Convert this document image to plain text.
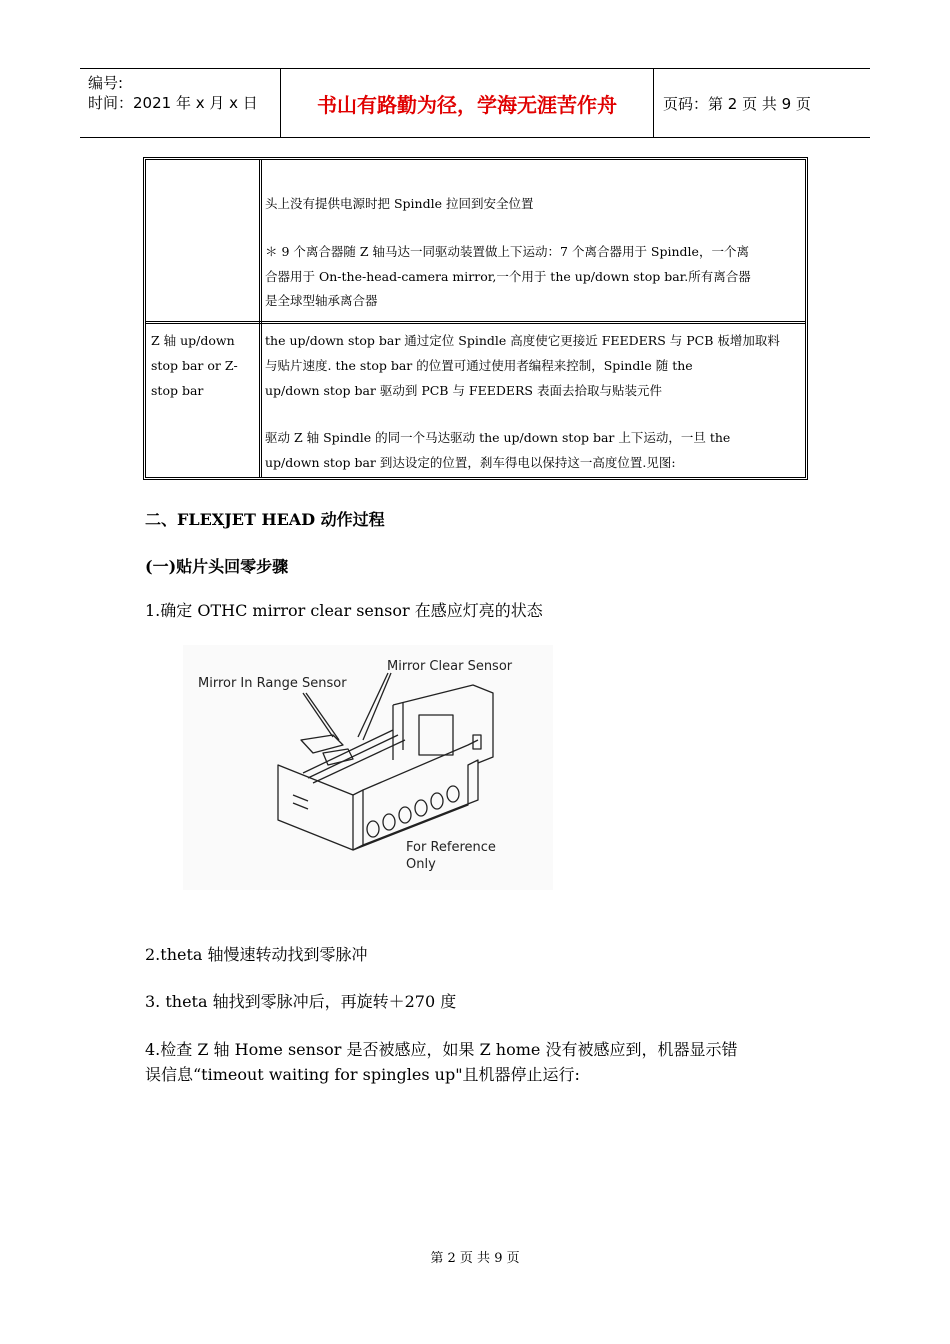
编号:
时间：2021 年 x 月 x 日	书山有路勤为径，学海无涯苦作舟	页码：第 2 页 共 9 页
头上没有提供电源时把 Spindle 拉回到安全位置
＊ 9 个离合器随 Z 轴马达一同驱动装置做上下运动：7 个离合器用于 Spindle，一个离
合器用于 On-the-head-camera mirror,一个用于 the up/down stop bar.所有离合器
是全球型轴承离合器
Z 轴 up/down
stop bar or Z-
stop bar
the up/down stop bar 通过定位 Spindle 高度使它更接近 FEEDERS 与 PCB 板增加取料
与贴片速度. the stop bar 的位置可通过使用者编程来控制，Spindle 随 the
up/down stop bar 驱动到 PCB 与 FEEDERS 表面去拾取与贴装元件
驱动 Z 轴 Spindle 的同一个马达驱动 the up/down stop bar 上下运动，一旦 the
up/down stop bar 到达设定的位置，刹车得电以保持这一高度位置.见图:
二、FLEXJET HEAD 动作过程
(一)贴片头回零步骤
1.确定 OTHC mirror clear sensor 在感应灯亮的状态
Mirror In Range Sensor
Mirror Clear Sensor
For Reference
Only
2.theta 轴慢速转动找到零脉冲
3. theta 轴找到零脉冲后，再旋转＋270 度
4.检查 Z 轴 Home sensor 是否被感应，如果 Z home 没有被感应到，机器显示错
误信息“timeout waiting for spingles up"且机器停止运行:
第 2 页 共 9 页
